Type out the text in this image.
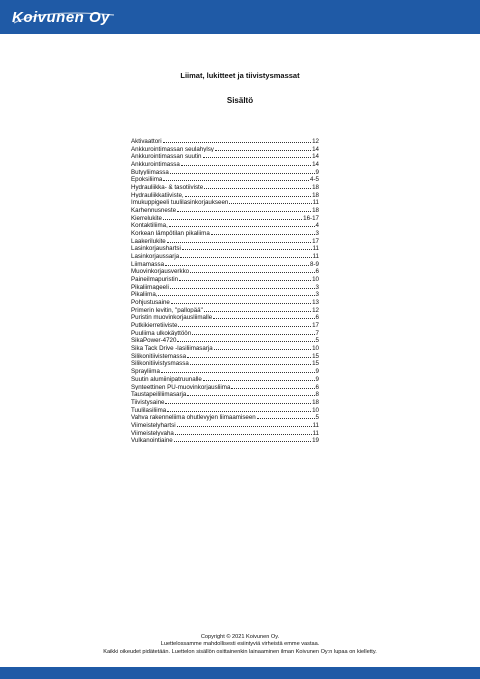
Koivunen Oy
Liimat, lukitteet ja tiivistysmassat
Sisältö
Aktivaattori	12
Ankkurointimassan seulahylsy	14
Ankkurointimassan suutin	14
Ankkurointimassa	14
Butyyliimassa	9
Epoksiliima	4-5
Hydrauliikka- & tasotiiviste	18
Hydrauliikkatiiviste,	18
Imukuppigeeli tuulilasinkorjaukseen	11
Karhennusneste	18
Kierrelukite	16-17
Kontaktiliima,	4
Korkean lämpötilan pikaliima	3
Laakerilukite	17
Lasinkorjaushartsi	11
Lasinkorjaussarja	11
Liimamassa	8-9
Muovinkorjausverkko	6
Paineilmapuristin	10
Pikaliimageeli	3
Pikaliima,	3
Pohjustusaine	13
Primerin levitin, "pallopää"	12
Puristin muovinkorjausliimalle	6
Putkikierretiiviste	17
Puuliima ulkokäyttöön	7
SikaPower-4720	5
Sika Tack Drive -lasiliimasarja	10
Silikonitiivistemassa	15
Silikonitiivistysmassa	15
Sprayliima	9
Suutin alumiinipatruunalle	9
Synteettinen PU-muovinkorjausliima	6
Taustapeililiimasarja	8
Tiivistysaine	18
Tuulilasiliima	10
Vahva rakenneliima ohutlevyjen liimaamiseen	5
Viimeistelyhartsi	11
Viimeistelyvaha	11
Vulkanointiaine	19
Copyright © 2021 Koivunen Oy.
Luettelossamme mahdollisesti esiintyviä virheistä emme vastaa.
Kaikki oikeudet pidätetään. Luettelon sisällön osittainenkin lainaaminen ilman Koivunen Oy:n lupaa on kielletty.
